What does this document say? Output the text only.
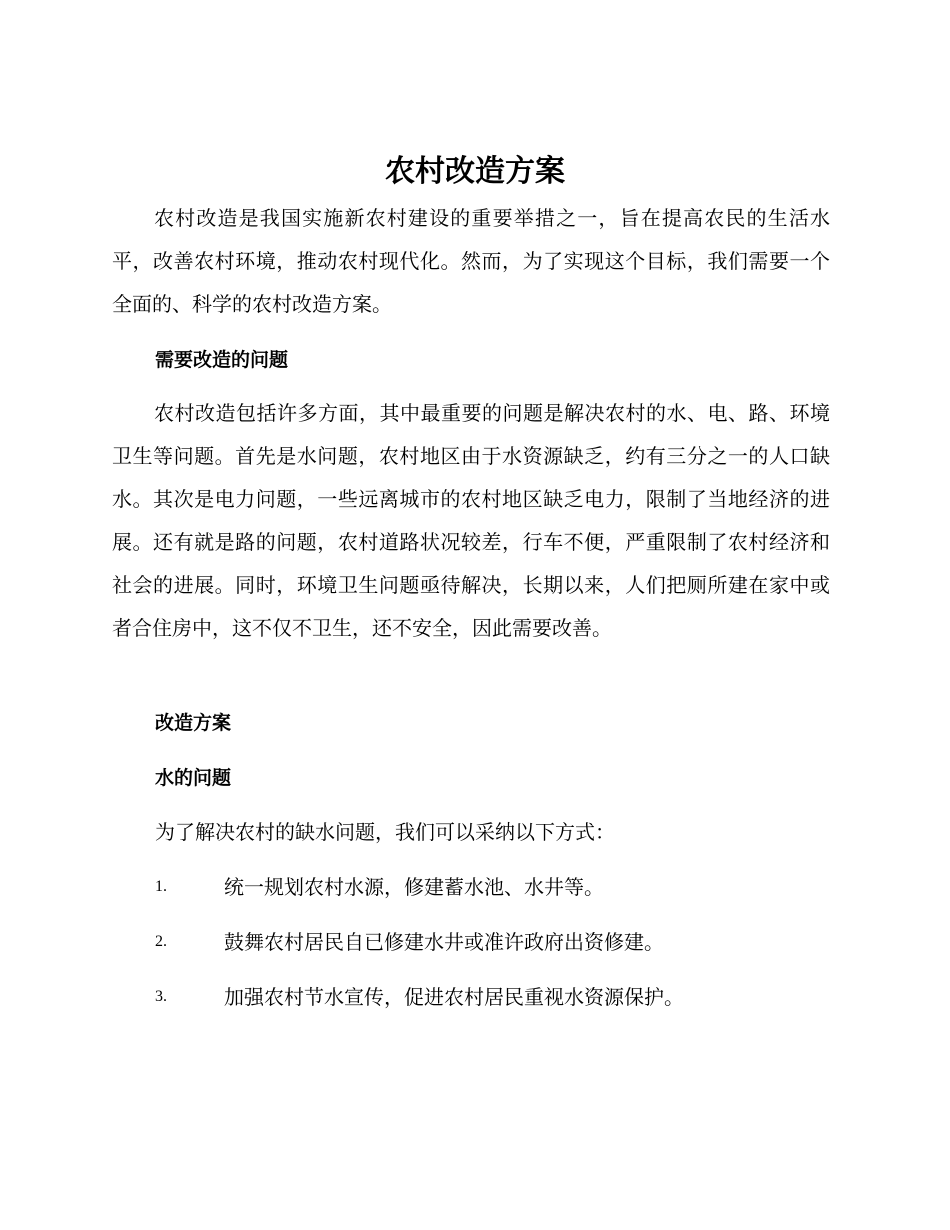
农村改造方案

农村改造是我国实施新农村建设的重要举措之一，旨在提高农民的生活水平，改善农村环境，推动农村现代化。然而，为了实现这个目标，我们需要一个全面的、科学的农村改造方案。

需要改造的问题

农村改造包括许多方面，其中最重要的问题是解决农村的水、电、路、环境卫生等问题。首先是水问题，农村地区由于水资源缺乏，约有三分之一的人口缺水。其次是电力问题，一些远离城市的农村地区缺乏电力，限制了当地经济的进展。还有就是路的问题，农村道路状况较差，行车不便，严重限制了农村经济和社会的进展。同时，环境卫生问题亟待解决，长期以来，人们把厕所建在家中或者合住房中，这不仅不卫生，还不安全，因此需要改善。

改造方案

水的问题

为了解决农村的缺水问题，我们可以采纳以下方式：

1.	统一规划农村水源，修建蓄水池、水井等。
2.	鼓舞农村居民自已修建水井或准许政府出资修建。
3.	加强农村节水宣传，促进农村居民重视水资源保护。
